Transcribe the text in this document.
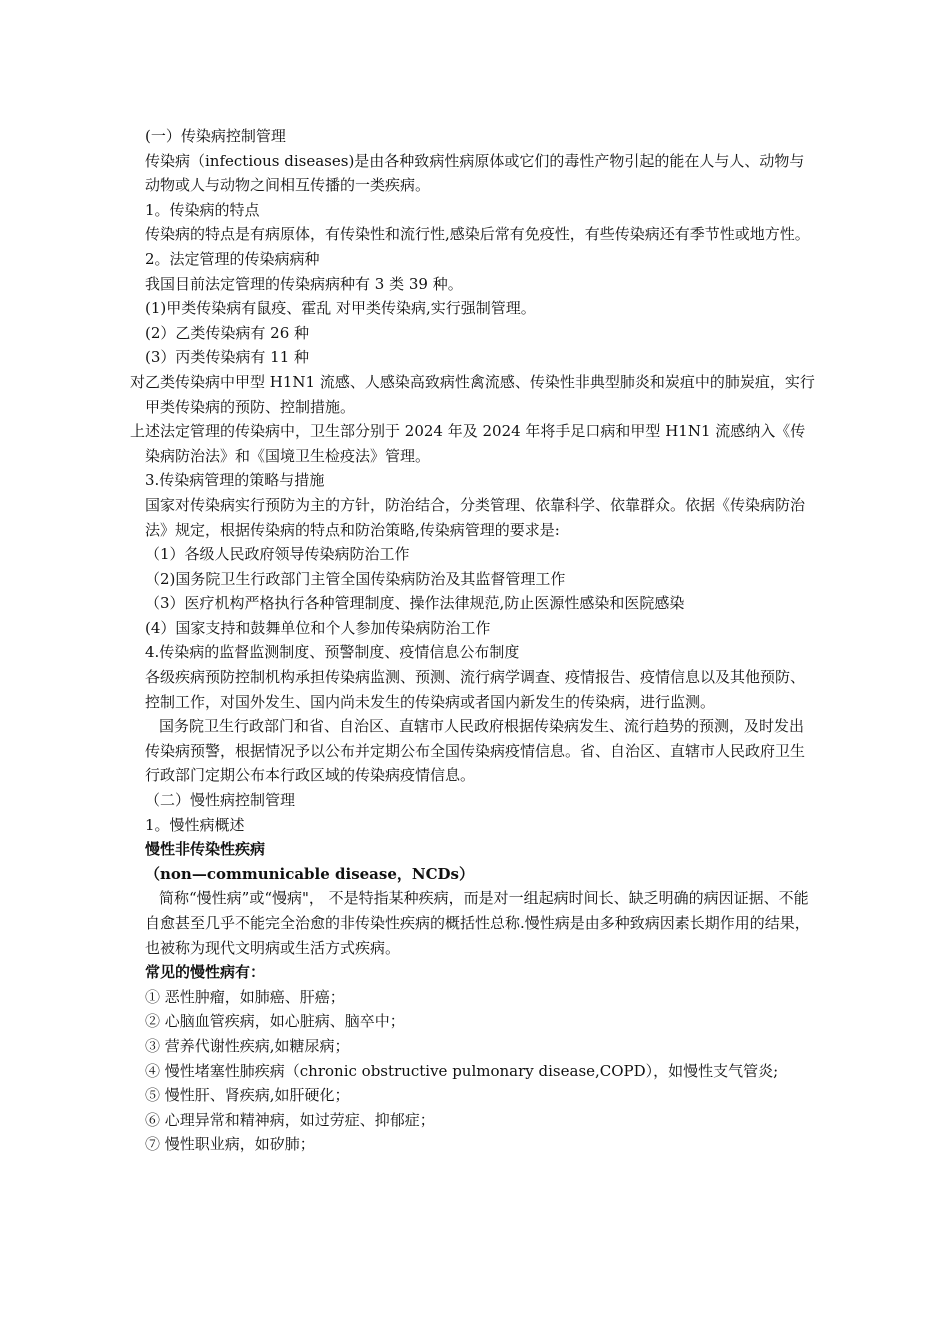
(一）传染病控制管理

传染病（infectious diseases)是由各种致病性病原体或它们的毒性产物引起的能在人与人、动物与动物或人与动物之间相互传播的一类疾病。

1。传染病的特点

传染病的特点是有病原体，有传染性和流行性,感染后常有免疫性，有些传染病还有季节性或地方性。

2。法定管理的传染病病种

我国目前法定管理的传染病病种有 3 类 39 种。

(1)甲类传染病有鼠疫、霍乱 对甲类传染病,实行强制管理。

(2）乙类传染病有 26 种

(3）丙类传染病有 11 种

对乙类传染病中甲型 H1N1 流感、人感染高致病性禽流感、传染性非典型肺炎和炭疽中的肺炭疽，实行甲类传染病的预防、控制措施。

上述法定管理的传染病中，卫生部分别于 2024 年及 2024 年将手足口病和甲型 H1N1 流感纳入《传染病防治法》和《国境卫生检疫法》管理。

3.传染病管理的策略与措施

国家对传染病实行预防为主的方针，防治结合，分类管理、依靠科学、依靠群众。依据《传染病防治法》规定，根据传染病的特点和防治策略,传染病管理的要求是:

（1）各级人民政府领导传染病防治工作

（2)国务院卫生行政部门主管全国传染病防治及其监督管理工作

（3）医疗机构严格执行各种管理制度、操作法律规范,防止医源性感染和医院感染

(4）国家支持和鼓舞单位和个人参加传染病防治工作

4.传染病的监督监测制度、预警制度、疫情信息公布制度

各级疾病预防控制机构承担传染病监测、预测、流行病学调查、疫情报告、疫情信息以及其他预防、控制工作，对国外发生、国内尚未发生的传染病或者国内新发生的传染病，进行监测。

国务院卫生行政部门和省、自治区、直辖市人民政府根据传染病发生、流行趋势的预测，及时发出传染病预警，根据情况予以公布并定期公布全国传染病疫情信息。省、自治区、直辖市人民政府卫生行政部门定期公布本行政区域的传染病疫情信息。

（二）慢性病控制管理

1。慢性病概述

慢性非传染性疾病

（non—communicable disease，NCDs）

简称“慢性病”或“慢病"， 不是特指某种疾病，而是对一组起病时间长、缺乏明确的病因证据、不能自愈甚至几乎不能完全治愈的非传染性疾病的概括性总称.慢性病是由多种致病因素长期作用的结果，也被称为现代文明病或生活方式疾病。

常见的慢性病有：

① 恶性肿瘤，如肺癌、肝癌；

② 心脑血管疾病，如心脏病、脑卒中；

③ 营养代谢性疾病,如糖尿病；

④ 慢性堵塞性肺疾病（chronic obstructive pulmonary disease,COPD），如慢性支气管炎;

⑤ 慢性肝、肾疾病,如肝硬化；

⑥ 心理异常和精神病，如过劳症、抑郁症；

⑦ 慢性职业病，如矽肺；
